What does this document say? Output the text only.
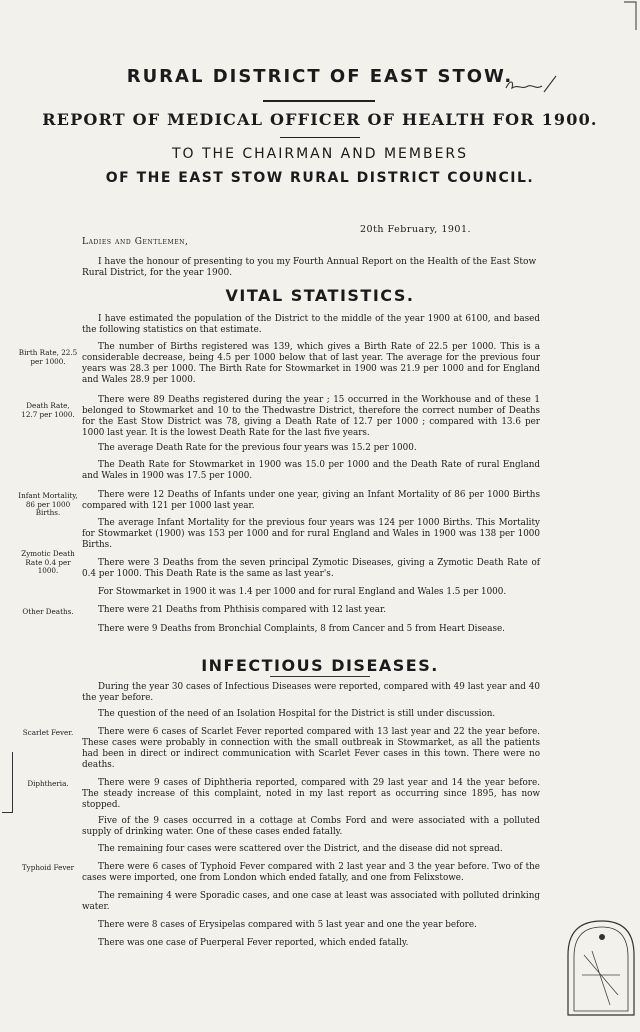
RURAL DISTRICT OF EAST STOW.
REPORT OF MEDICAL OFFICER OF HEALTH FOR 1900.
TO THE CHAIRMAN AND MEMBERS
OF THE EAST STOW RURAL DISTRICT COUNCIL.
20th February, 1901.
Ladies and Gentlemen,
I have the honour of presenting to you my Fourth Annual Report on the Health of the East Stow Rural District, for the year 1900.
VITAL STATISTICS.
I have estimated the population of the District to the middle of the year 1900 at 6100, and based the following statistics on that estimate.
Birth Rate, 22.5 per 1000.
The number of Births registered was 139, which gives a Birth Rate of 22.5 per 1000. This is a considerable decrease, being 4.5 per 1000 below that of last year. The average for the previous four years was 28.3 per 1000. The Birth Rate for Stowmarket in 1900 was 21.9 per 1000 and for England and Wales 28.9 per 1000.
Death Rate, 12.7 per 1000.
There were 89 Deaths registered during the year ; 15 occurred in the Workhouse and of these 1 belonged to Stowmarket and 10 to the Thedwastre District, therefore the correct number of Deaths for the East Stow District was 78, giving a Death Rate of 12.7 per 1000 ; compared with 13.6 per 1000 last year. It is the lowest Death Rate for the last five years.
The average Death Rate for the previous four years was 15.2 per 1000.
The Death Rate for Stowmarket in 1900 was 15.0 per 1000 and the Death Rate of rural England and Wales in 1900 was 17.5 per 1000.
Infant Mortality, 86 per 1000 Births.
There were 12 Deaths of Infants under one year, giving an Infant Mortality of 86 per 1000 Births compared with 121 per 1000 last year.
The average Infant Mortality for the previous four years was 124 per 1000 Births. This Mortality for Stowmarket (1900) was 153 per 1000 and for rural England and Wales in 1900 was 138 per 1000 Births.
Zymotic Death Rate 0.4 per 1000.
There were 3 Deaths from the seven principal Zymotic Diseases, giving a Zymotic Death Rate of 0.4 per 1000. This Death Rate is the same as last year's.
For Stowmarket in 1900 it was 1.4 per 1000 and for rural England and Wales 1.5 per 1000.
Other Deaths.	There were 21 Deaths from Phthisis compared with 12 last year.
There were 9 Deaths from Bronchial Complaints, 8 from Cancer and 5 from Heart Disease.
INFECTIOUS DISEASES.
During the year 30 cases of Infectious Diseases were reported, compared with 49 last year and 40 the year before.
The question of the need of an Isolation Hospital for the District is still under discussion.
Scarlet Fever.	There were 6 cases of Scarlet Fever reported compared with 13 last year and 22 the year before. These cases were probably in connection with the small outbreak in Stowmarket, as all the patients had been in direct or indirect communication with Scarlet Fever cases in this town. There were no deaths.
Diphtheria.	There were 9 cases of Diphtheria reported, compared with 29 last year and 14 the year before. The steady increase of this complaint, noted in my last report as occurring since 1895, has now stopped.
Five of the 9 cases occurred in a cottage at Combs Ford and were associated with a polluted supply of drinking water. One of these cases ended fatally.
The remaining four cases were scattered over the District, and the disease did not spread.
Typhoid Fever	There were 6 cases of Typhoid Fever compared with 2 last year and 3 the year before. Two of the cases were imported, one from London which ended fatally, and one from Felixstowe.
The remaining 4 were Sporadic cases, and one case at least was associated with polluted drinking water.
There were 8 cases of Erysipelas compared with 5 last year and one the year before.
There was one case of Puerperal Fever reported, which ended fatally.
